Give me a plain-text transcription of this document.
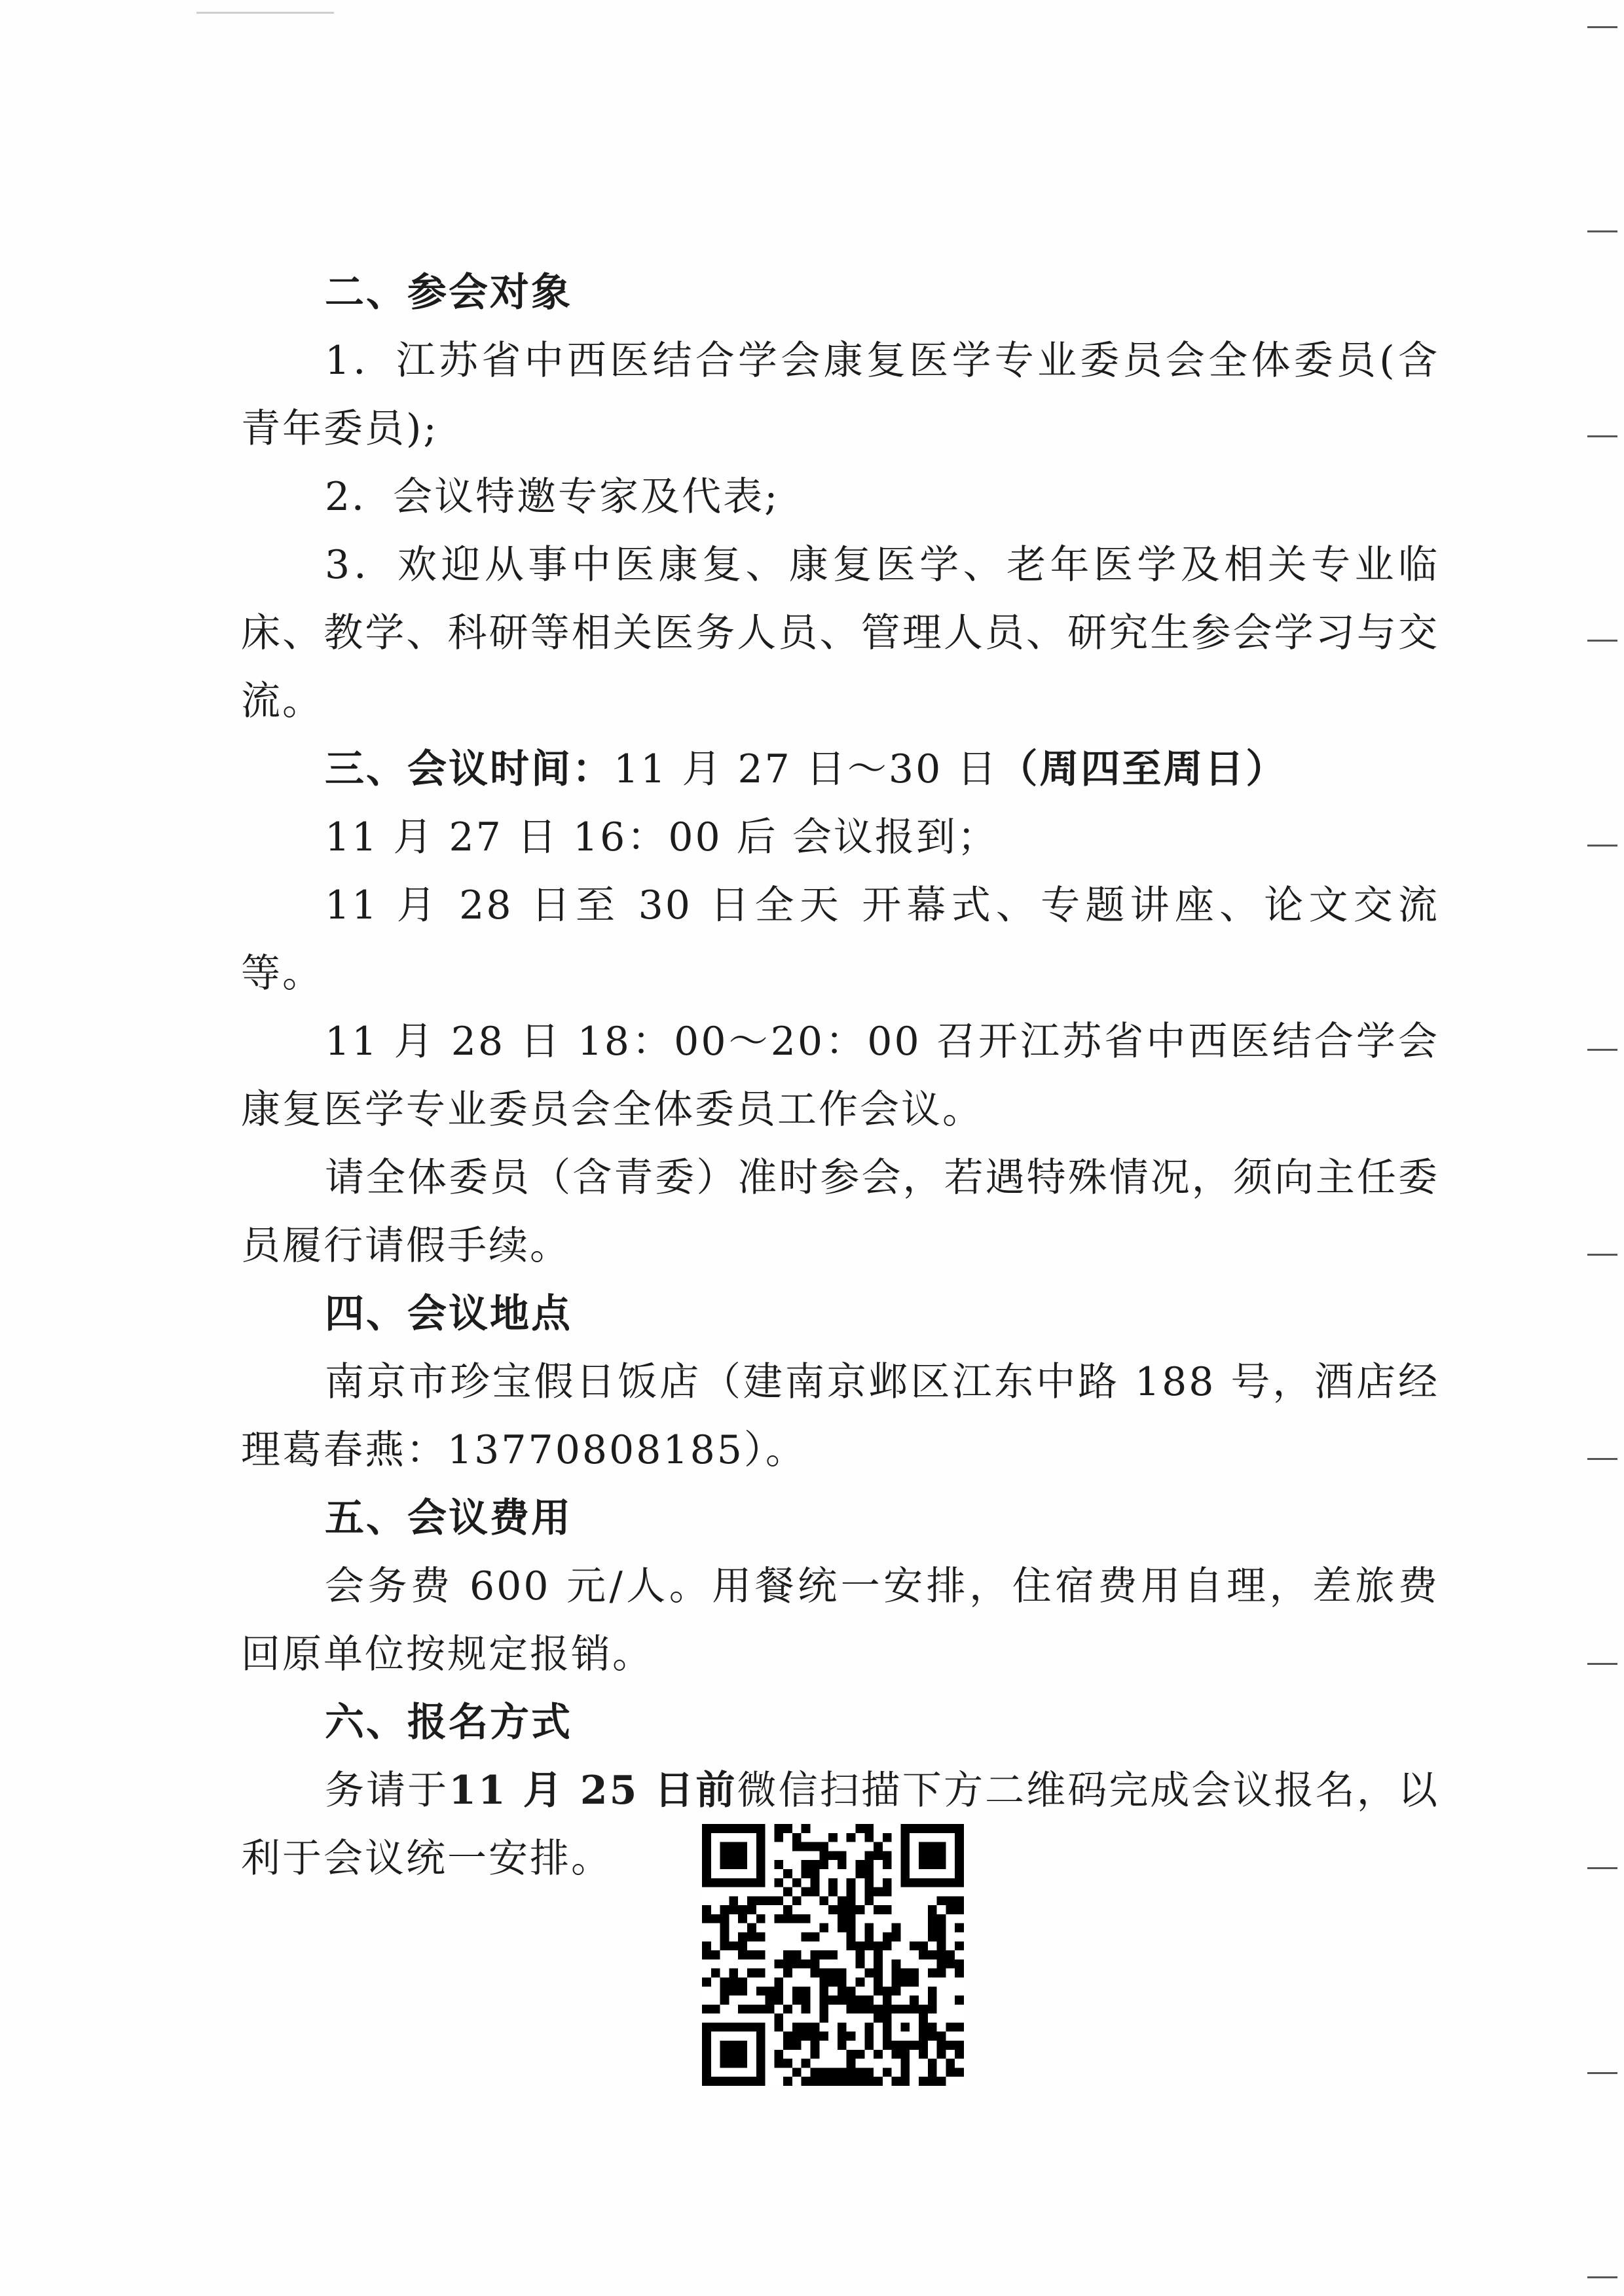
二、参会对象

1．江苏省中西医结合学会康复医学专业委员会全体委员(含青年委员);

2．会议特邀专家及代表;

3．欢迎从事中医康复、康复医学、老年医学及相关专业临床、教学、科研等相关医务人员、管理人员、研究生参会学习与交流。

三、会议时间：11 月 27 日～30 日（周四至周日）

11 月 27 日 16：00 后 会议报到；

11 月 28 日至 30 日全天 开幕式、专题讲座、论文交流等。

11 月 28 日 18：00～20：00 召开江苏省中西医结合学会康复医学专业委员会全体委员工作会议。

请全体委员（含青委）准时参会，若遇特殊情况，须向主任委员履行请假手续。

四、会议地点

南京市珍宝假日饭店（建南京邺区江东中路 188 号，酒店经理葛春燕：13770808185）。

五、会议费用

会务费 600 元/人。用餐统一安排，住宿费用自理，差旅费回原单位按规定报销。

六、报名方式

务请于11 月 25 日前微信扫描下方二维码完成会议报名，以利于会议统一安排。
